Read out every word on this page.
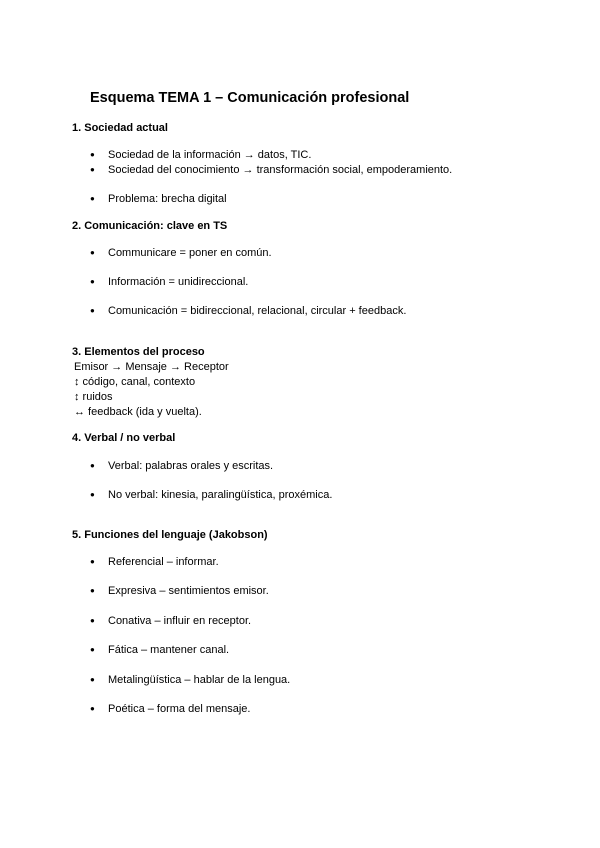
Esquema TEMA 1 – Comunicación profesional
1. Sociedad actual
● Sociedad de la información → datos, TIC.
● Sociedad del conocimiento → transformación social, empoderamiento.
● Problema: brecha digital
2. Comunicación: clave en TS
● Communicare = poner en común.
● Información = unidireccional.
● Comunicación = bidireccional, relacional, circular + feedback.
3. Elementos del proceso
Emisor → Mensaje → Receptor
↕ código, canal, contexto
↕ ruidos
↔ feedback (ida y vuelta).
4. Verbal / no verbal
● Verbal: palabras orales y escritas.
● No verbal: kinesia, paralingüística, proxémica.
5. Funciones del lenguaje (Jakobson)
● Referencial – informar.
● Expresiva – sentimientos emisor.
● Conativa – influir en receptor.
● Fática – mantener canal.
● Metalingüística – hablar de la lengua.
● Poética – forma del mensaje.
